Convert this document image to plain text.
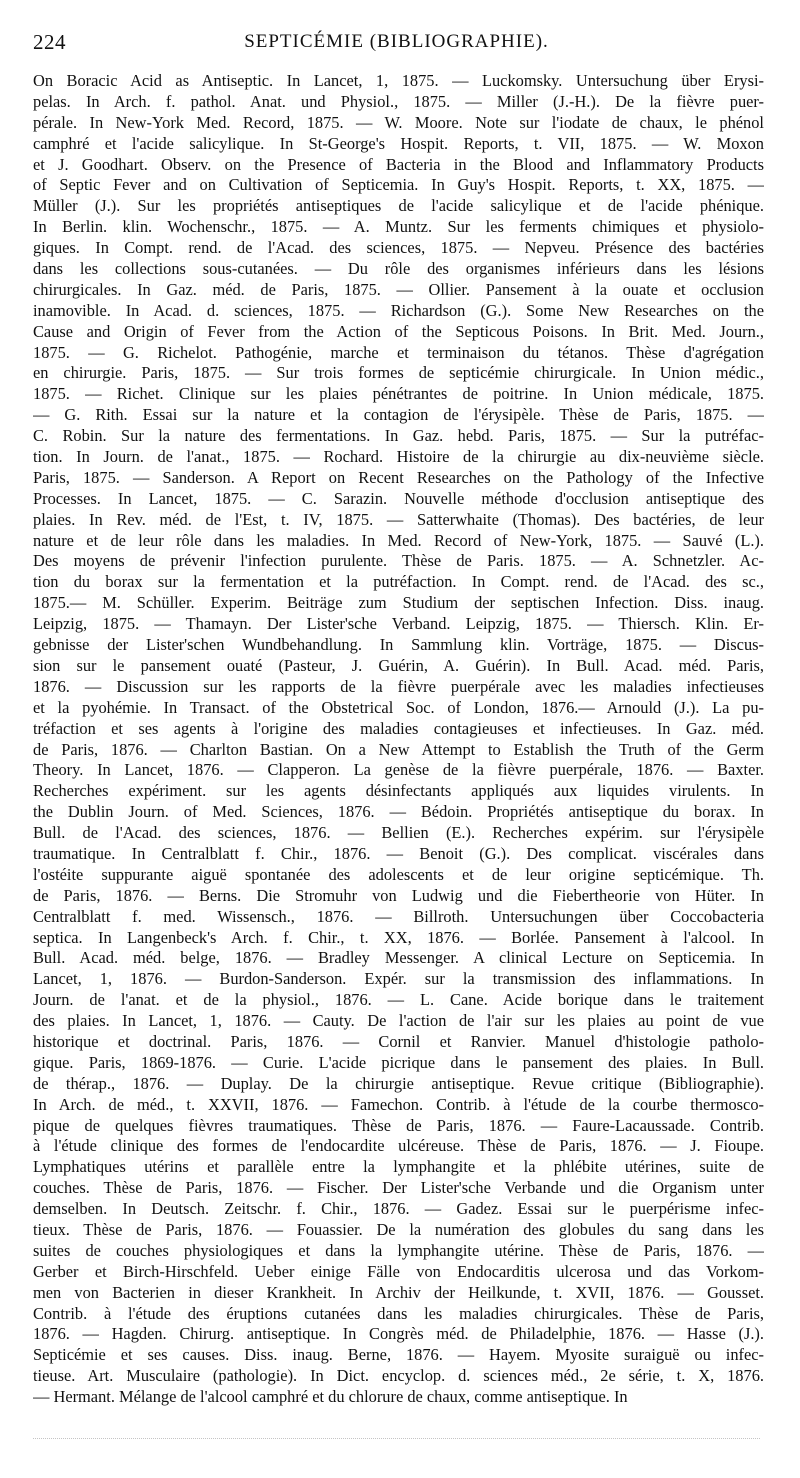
224	SEPTICÉMIE (BIBLIOGRAPHIE).
On Boracic Acid as Antiseptic. In Lancet, 1, 1875. — Luckomsky. Untersuchung über Erysi-
pelas. In Arch. f. pathol. Anat. und Physiol., 1875. — Miller (J.-H.). De la fièvre puer-
pérale. In New-York Med. Record, 1875. — W. Moore. Note sur l'iodate de chaux, le phénol
camphré et l'acide salicylique. In St-George's Hospit. Reports, t. VII, 1875. — W. Moxon
et J. Goodhart. Observ. on the Presence of Bacteria in the Blood and Inflammatory Products
of Septic Fever and on Cultivation of Septicemia. In Guy's Hospit. Reports, t. XX, 1875. —
Müller (J.). Sur les propriétés antiseptiques de l'acide salicylique et de l'acide phénique.
In Berlin. klin. Wochenschr., 1875. — A. Muntz. Sur les ferments chimiques et physiolo-
giques. In Compt. rend. de l'Acad. des sciences, 1875. — Nepveu. Présence des bactéries
dans les collections sous-cutanées. — Du rôle des organismes inférieurs dans les lésions
chirurgicales. In Gaz. méd. de Paris, 1875. — Ollier. Pansement à la ouate et occlusion
inamovible. In Acad. d. sciences, 1875. — Richardson (G.). Some New Researches on the
Cause and Origin of Fever from the Action of the Septicous Poisons. In Brit. Med. Journ.,
1875. — G. Richelot. Pathogénie, marche et terminaison du tétanos. Thèse d'agrégation
en chirurgie. Paris, 1875. — Sur trois formes de septicémie chirurgicale. In Union médic.,
1875. — Richet. Clinique sur les plaies pénétrantes de poitrine. In Union médicale, 1875.
— G. Rith. Essai sur la nature et la contagion de l'érysipèle. Thèse de Paris, 1875. —
C. Robin. Sur la nature des fermentations. In Gaz. hebd. Paris, 1875. — Sur la putréfac-
tion. In Journ. de l'anat., 1875. — Rochard. Histoire de la chirurgie au dix-neuvième siècle.
Paris, 1875. — Sanderson. A Report on Recent Researches on the Pathology of the Infective
Processes. In Lancet, 1875. — C. Sarazin. Nouvelle méthode d'occlusion antiseptique des
plaies. In Rev. méd. de l'Est, t. IV, 1875. — Satterwhaite (Thomas). Des bactéries, de leur
nature et de leur rôle dans les maladies. In Med. Record of New-York, 1875. — Sauvé (L.).
Des moyens de prévenir l'infection purulente. Thèse de Paris. 1875. — A. Schnetzler. Ac-
tion du borax sur la fermentation et la putréfaction. In Compt. rend. de l'Acad. des sc.,
1875.— M. Schüller. Experim. Beiträge zum Studium der septischen Infection. Diss. inaug.
Leipzig, 1875. — Thamayn. Der Lister'sche Verband. Leipzig, 1875. — Thiersch. Klin. Er-
gebnisse der Lister'schen Wundbehandlung. In Sammlung klin. Vorträge, 1875. — Discus-
sion sur le pansement ouaté (Pasteur, J. Guérin, A. Guérin). In Bull. Acad. méd. Paris,
1876. — Discussion sur les rapports de la fièvre puerpérale avec les maladies infectieuses
et la pyohémie. In Transact. of the Obstetrical Soc. of London, 1876.— Arnould (J.). La pu-
tréfaction et ses agents à l'origine des maladies contagieuses et infectieuses. In Gaz. méd.
de Paris, 1876. — Charlton Bastian. On a New Attempt to Establish the Truth of the Germ
Theory. In Lancet, 1876. — Clapperon. La genèse de la fièvre puerpérale, 1876. — Baxter.
Recherches expériment. sur les agents désinfectants appliqués aux liquides virulents. In
the Dublin Journ. of Med. Sciences, 1876. — Bédoin. Propriétés antiseptique du borax. In
Bull. de l'Acad. des sciences, 1876. — Bellien (E.). Recherches expérim. sur l'érysipèle
traumatique. In Centralblatt f. Chir., 1876. — Benoit (G.). Des complicat. viscérales dans
l'ostéite suppurante aiguë spontanée des adolescents et de leur origine septicémique. Th.
de Paris, 1876. — Berns. Die Stromuhr von Ludwig und die Fiebertheorie von Hüter. In
Centralblatt f. med. Wissensch., 1876. — Billroth. Untersuchungen über Coccobacteria
septica. In Langenbeck's Arch. f. Chir., t. XX, 1876. — Borlée. Pansement à l'alcool. In
Bull. Acad. méd. belge, 1876. — Bradley Messenger. A clinical Lecture on Septicemia. In
Lancet, 1, 1876. — Burdon-Sanderson. Expér. sur la transmission des inflammations. In
Journ. de l'anat. et de la physiol., 1876. — L. Cane. Acide borique dans le traitement
des plaies. In Lancet, 1, 1876. — Cauty. De l'action de l'air sur les plaies au point de vue
historique et doctrinal. Paris, 1876. — Cornil et Ranvier. Manuel d'histologie patholo-
gique. Paris, 1869-1876. — Curie. L'acide picrique dans le pansement des plaies. In Bull.
de thérap., 1876. — Duplay. De la chirurgie antiseptique. Revue critique (Bibliographie).
In Arch. de méd., t. XXVII, 1876. — Famechon. Contrib. à l'étude de la courbe thermosco-
pique de quelques fièvres traumatiques. Thèse de Paris, 1876. — Faure-Lacaussade. Contrib.
à l'étude clinique des formes de l'endocardite ulcéreuse. Thèse de Paris, 1876. — J. Fioupe.
Lymphatiques utérins et parallèle entre la lymphangite et la phlébite utérines, suite de
couches. Thèse de Paris, 1876. — Fischer. Der Lister'sche Verbande und die Organism unter
demselben. In Deutsch. Zeitschr. f. Chir., 1876. — Gadez. Essai sur le puerpérisme infec-
tieux. Thèse de Paris, 1876. — Fouassier. De la numération des globules du sang dans les
suites de couches physiologiques et dans la lymphangite utérine. Thèse de Paris, 1876. —
Gerber et Birch-Hirschfeld. Ueber einige Fälle von Endocarditis ulcerosa und das Vorkom-
men von Bacterien in dieser Krankheit. In Archiv der Heilkunde, t. XVII, 1876. — Gousset.
Contrib. à l'étude des éruptions cutanées dans les maladies chirurgicales. Thèse de Paris,
1876. — Hagden. Chirurg. antiseptique. In Congrès méd. de Philadelphie, 1876. — Hasse (J.).
Septicémie et ses causes. Diss. inaug. Berne, 1876. — Hayem. Myosite suraiguë ou infec-
tieuse. Art. Musculaire (pathologie). In Dict. encyclop. d. sciences méd., 2e série, t. X, 1876.
— Hermant. Mélange de l'alcool camphré et du chlorure de chaux, comme antiseptique. In
